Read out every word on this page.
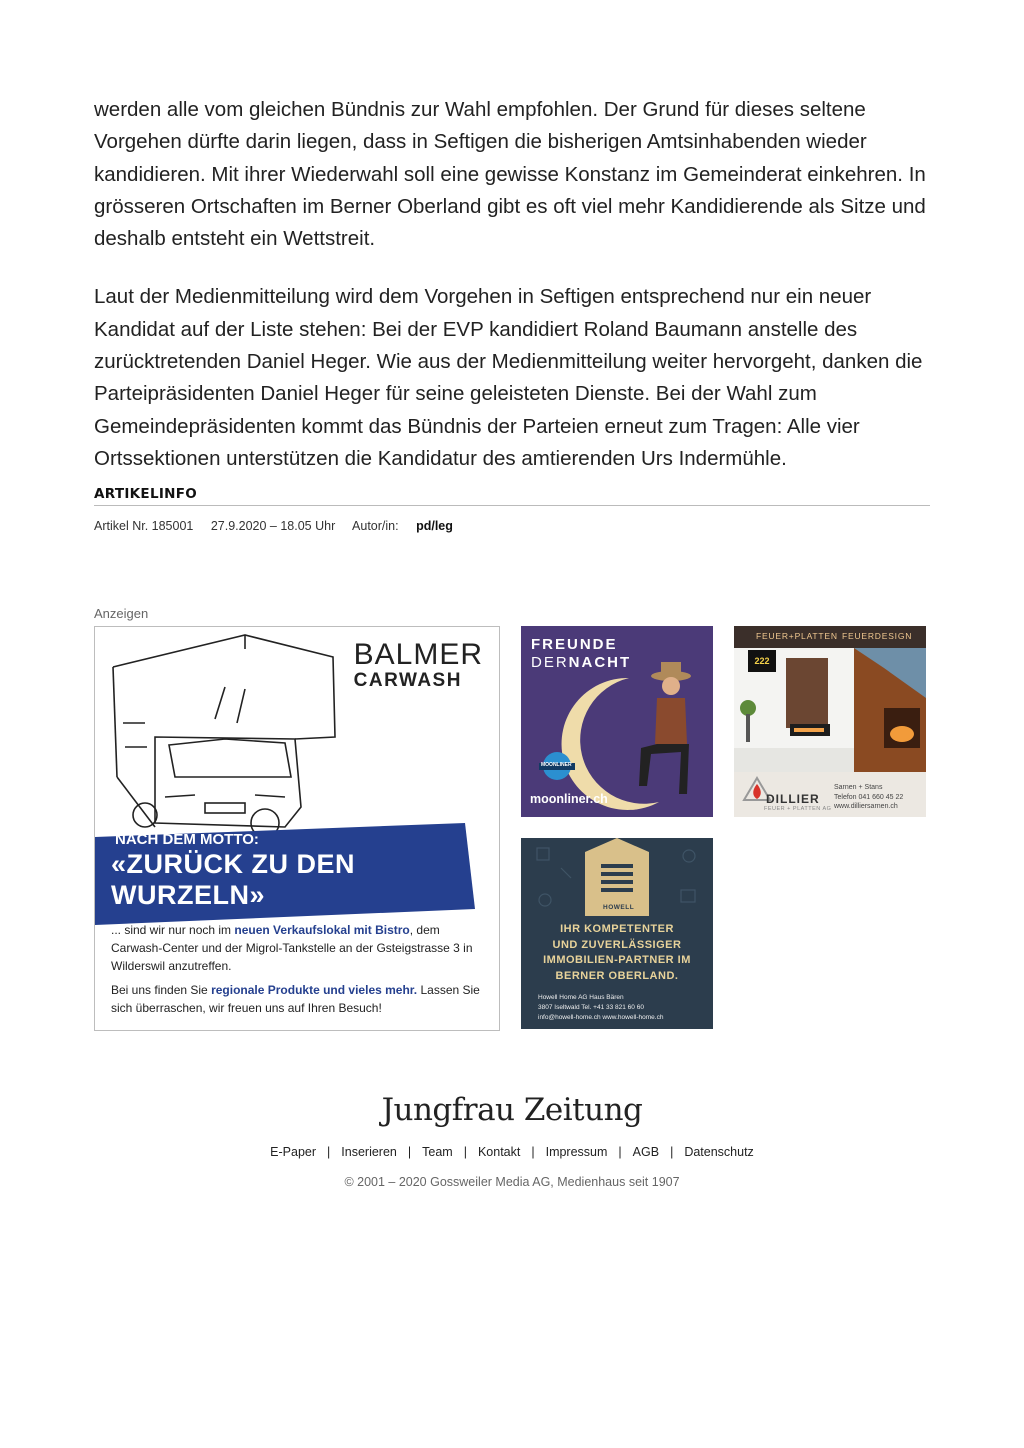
werden alle vom gleichen Bündnis zur Wahl empfohlen. Der Grund für dieses seltene Vorgehen dürfte darin liegen, dass in Seftigen die bisherigen Amtsinhabenden wieder kandidieren. Mit ihrer Wiederwahl soll eine gewisse Konstanz im Gemeinderat einkehren. In grösseren Ortschaften im Berner Oberland gibt es oft viel mehr Kandidierende als Sitze und deshalb entsteht ein Wettstreit.

Laut der Medienmitteilung wird dem Vorgehen in Seftigen entsprechend nur ein neuer Kandidat auf der Liste stehen: Bei der EVP kandidiert Roland Baumann anstelle des zurücktretenden Daniel Heger. Wie aus der Medienmitteilung weiter hervorgeht, danken die Parteipräsidenten Daniel Heger für seine geleisteten Dienste. Bei der Wahl zum Gemeindepräsidenten kommt das Bündnis der Parteien erneut zum Tragen: Alle vier Ortssektionen unterstützen die Kandidatur des amtierenden Urs Indermühle.

ARTIKELINFO
Artikel Nr. 185001 27.9.2020 – 18.05 Uhr Autor/in: pd/leg
Anzeigen
BALMER
CARWASH
NACH DEM MOTTO:
«ZURÜCK ZU DEN WURZELN»
... sind wir nur noch im neuen Verkaufslokal mit Bistro, dem Carwash-Center und der Migrol-Tankstelle an der Gsteigstrasse 3 in Wilderswil anzutreffen.
Bei uns finden Sie regionale Produkte und vieles mehr. Lassen Sie sich überraschen, wir freuen uns auf Ihren Besuch!
FREUNDE
DERNACHT
MOONLINER
moonliner.ch
FEUER+PLATTEN FEUERDESIGN
222
DILLIER
FEUER + PLATTEN AG
Sarnen + Stans
Telefon 041 660 45 22
www.dilliersarnen.ch
HOWELL
IHR KOMPETENTER
UND ZUVERLÄSSIGER
IMMOBILIEN-PARTNER IM
BERNER OBERLAND.
Howell Home AG Haus Bären
3807 Iseltwald Tel. +41 33 821 60 60
info@howell-home.ch www.howell-home.ch
Jungfrau Zeitung
E-Paper | Inserieren | Team | Kontakt | Impressum | AGB | Datenschutz
© 2001 – 2020 Gossweiler Media AG, Medienhaus seit 1907
